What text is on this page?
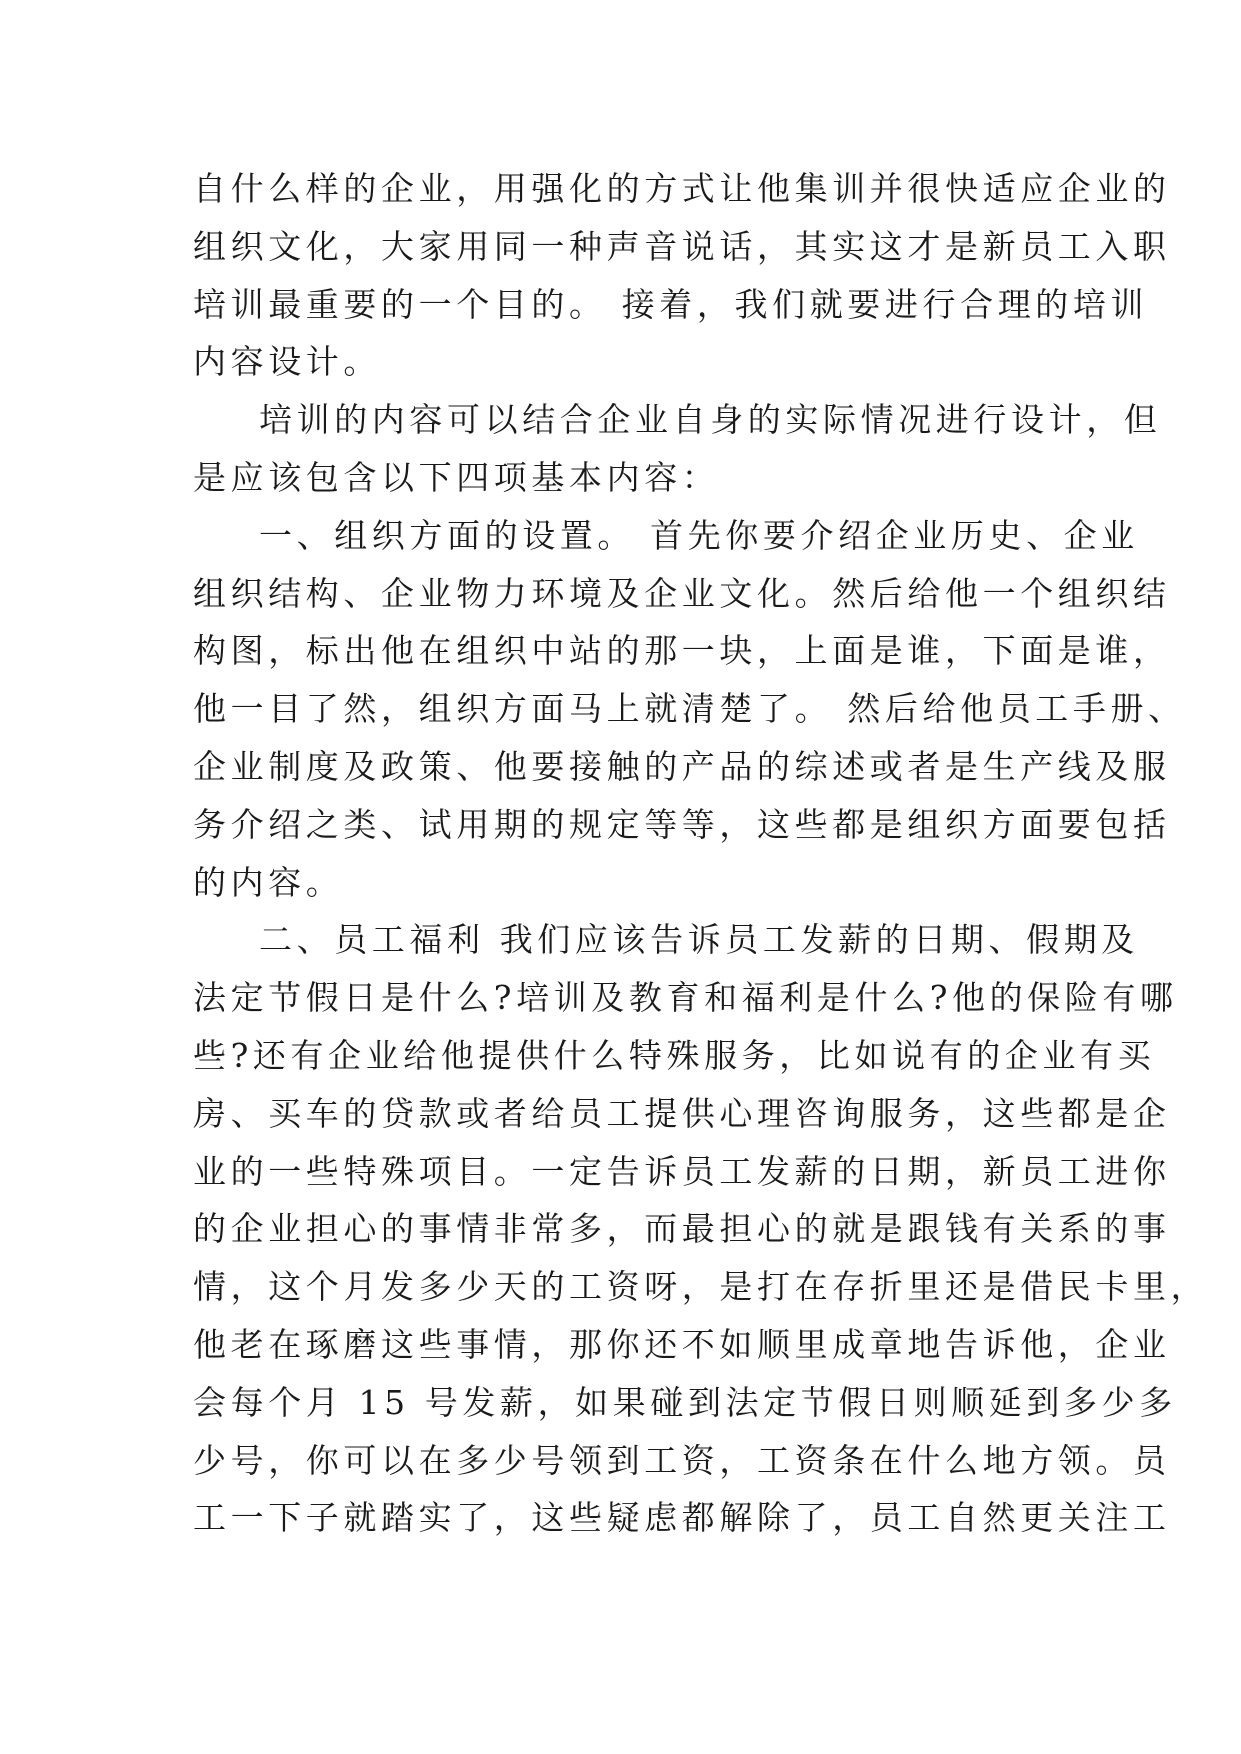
自什么样的企业，用强化的方式让他集训并很快适应企业的
组织文化，大家用同一种声音说话，其实这才是新员工入职
培训最重要的一个目的。 接着，我们就要进行合理的培训
内容设计。
培训的内容可以结合企业自身的实际情况进行设计，但
是应该包含以下四项基本内容：
一、组织方面的设置。 首先你要介绍企业历史、企业
组织结构、企业物力环境及企业文化。然后给他一个组织结
构图，标出他在组织中站的那一块，上面是谁，下面是谁，
他一目了然，组织方面马上就清楚了。 然后给他员工手册、
企业制度及政策、他要接触的产品的综述或者是生产线及服
务介绍之类、试用期的规定等等，这些都是组织方面要包括
的内容。
二、员工福利 我们应该告诉员工发薪的日期、假期及
法定节假日是什么?培训及教育和福利是什么?他的保险有哪
些?还有企业给他提供什么特殊服务，比如说有的企业有买
房、买车的贷款或者给员工提供心理咨询服务，这些都是企
业的一些特殊项目。一定告诉员工发薪的日期，新员工进你
的企业担心的事情非常多，而最担心的就是跟钱有关系的事
情，这个月发多少天的工资呀，是打在存折里还是借民卡里，
他老在琢磨这些事情，那你还不如顺里成章地告诉他，企业
会每个月 15 号发薪，如果碰到法定节假日则顺延到多少多
少号，你可以在多少号领到工资，工资条在什么地方领。员
工一下子就踏实了，这些疑虑都解除了，员工自然更关注工
